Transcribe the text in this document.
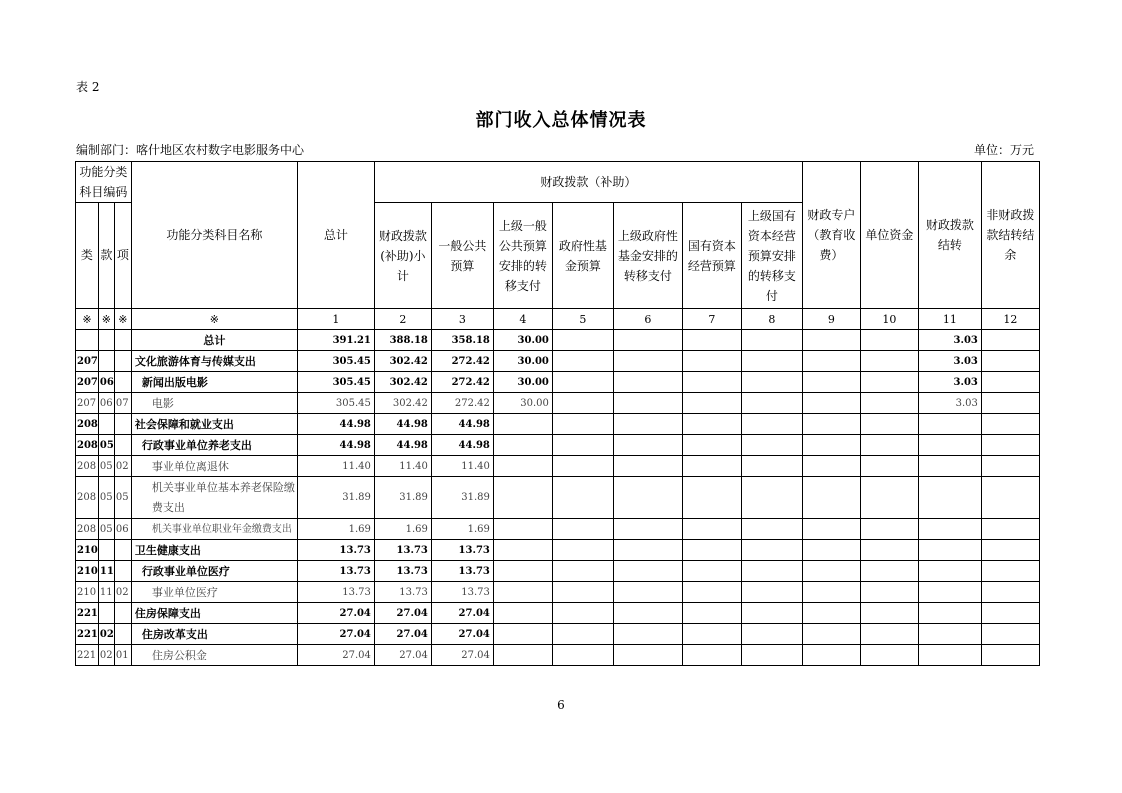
表 2
部门收入总体情况表
编制部门：喀什地区农村数字电影服务中心	单位：万元
功能分类科目编码			功能分类科目名称	总计	财政拨款（补助）							财政专户（教育收费）	单位资金	财政拨款结转	非财政拨款结转结余
类	款	项			财政拨款(补助)小计	一般公共预算	上级一般公共预算安排的转移支付	政府性基金预算	上级政府性基金安排的转移支付	国有资本经营预算	上级国有资本经营预算安排的转移支付				
※	※	※	※	1	2	3	4	5	6	7	8	9	10	11	12
			总计	391.21	388.18	358.18	30.00							3.03	
207			文化旅游体育与传媒支出	305.45	302.42	272.42	30.00							3.03	
207	06		新闻出版电影	305.45	302.42	272.42	30.00							3.03	
207	06	07	电影	305.45	302.42	272.42	30.00							3.03	
208			社会保障和就业支出	44.98	44.98	44.98									
208	05		行政事业单位养老支出	44.98	44.98	44.98									
208	05	02	事业单位离退休	11.40	11.40	11.40									
208	05	05	机关事业单位基本养老保险缴费支出	31.89	31.89	31.89									
208	05	06	机关事业单位职业年金缴费支出	1.69	1.69	1.69									
210			卫生健康支出	13.73	13.73	13.73									
210	11		行政事业单位医疗	13.73	13.73	13.73									
210	11	02	事业单位医疗	13.73	13.73	13.73									
221			住房保障支出	27.04	27.04	27.04									
221	02		住房改革支出	27.04	27.04	27.04									
221	02	01	住房公积金	27.04	27.04	27.04									
6
